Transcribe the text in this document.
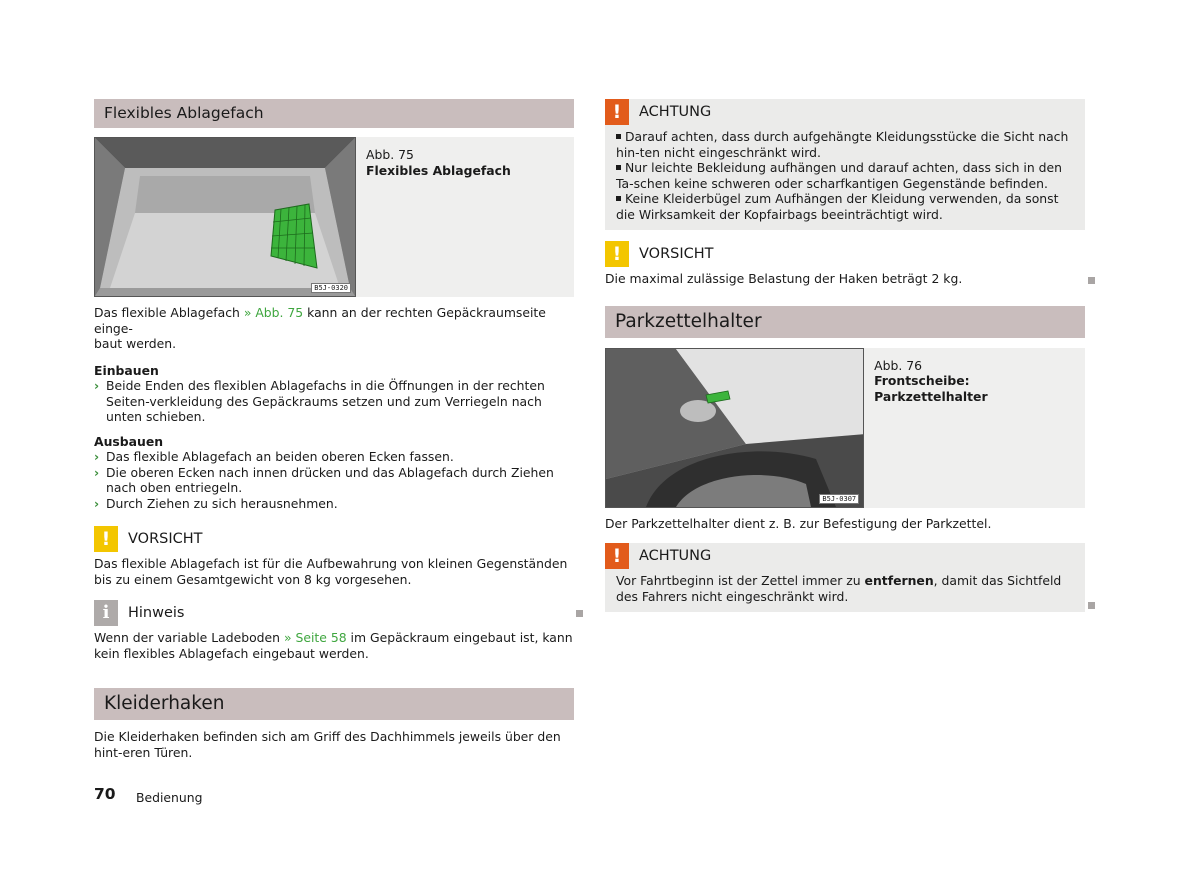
Flexibles Ablagefach
B5J-0320
Abb. 75
Flexibles Ablagefach

Das flexible Ablagefach » Abb. 75 kann an der rechten Gepäckraumseite einge-
baut werden.

Einbauen
› Beide Enden des flexiblen Ablagefachs in die Öffnungen in der rechten Seiten-verkleidung des Gepäckraums setzen und zum Verriegeln nach unten schieben.
Ausbauen
› Das flexible Ablagefach an beiden oberen Ecken fassen.
› Die oberen Ecken nach innen drücken und das Ablagefach durch Ziehen nach oben entriegeln.
› Durch Ziehen zu sich herausnehmen.
!	VORSICHT

Das flexible Ablagefach ist für die Aufbewahrung von kleinen Gegenständen bis zu einem Gesamtgewicht von 8 kg vorgesehen.

i	Hinweis

Wenn der variable Ladeboden » Seite 58 im Gepäckraum eingebaut ist, kann kein flexibles Ablagefach eingebaut werden.

Kleiderhaken

Die Kleiderhaken befinden sich am Griff des Dachhimmels jeweils über den hint-eren Türen.

!	ACHTUNG
Darauf achten, dass durch aufgehängte Kleidungsstücke die Sicht nach hin-ten nicht eingeschränkt wird.
Nur leichte Bekleidung aufhängen und darauf achten, dass sich in den Ta-schen keine schweren oder scharfkantigen Gegenstände befinden.
Keine Kleiderbügel zum Aufhängen der Kleidung verwenden, da sonst die Wirksamkeit der Kopfairbags beeinträchtigt wird.
!	VORSICHT

Die maximal zulässige Belastung der Haken beträgt 2 kg.

Parkzettelhalter
B5J-0307
Abb. 76
Frontscheibe: Parkzettelhalter

Der Parkzettelhalter dient z. B. zur Befestigung der Parkzettel.

!	ACHTUNG

Vor Fahrtbeginn ist der Zettel immer zu entfernen, damit das Sichtfeld des Fahrers nicht eingeschränkt wird.

70 Bedienung
